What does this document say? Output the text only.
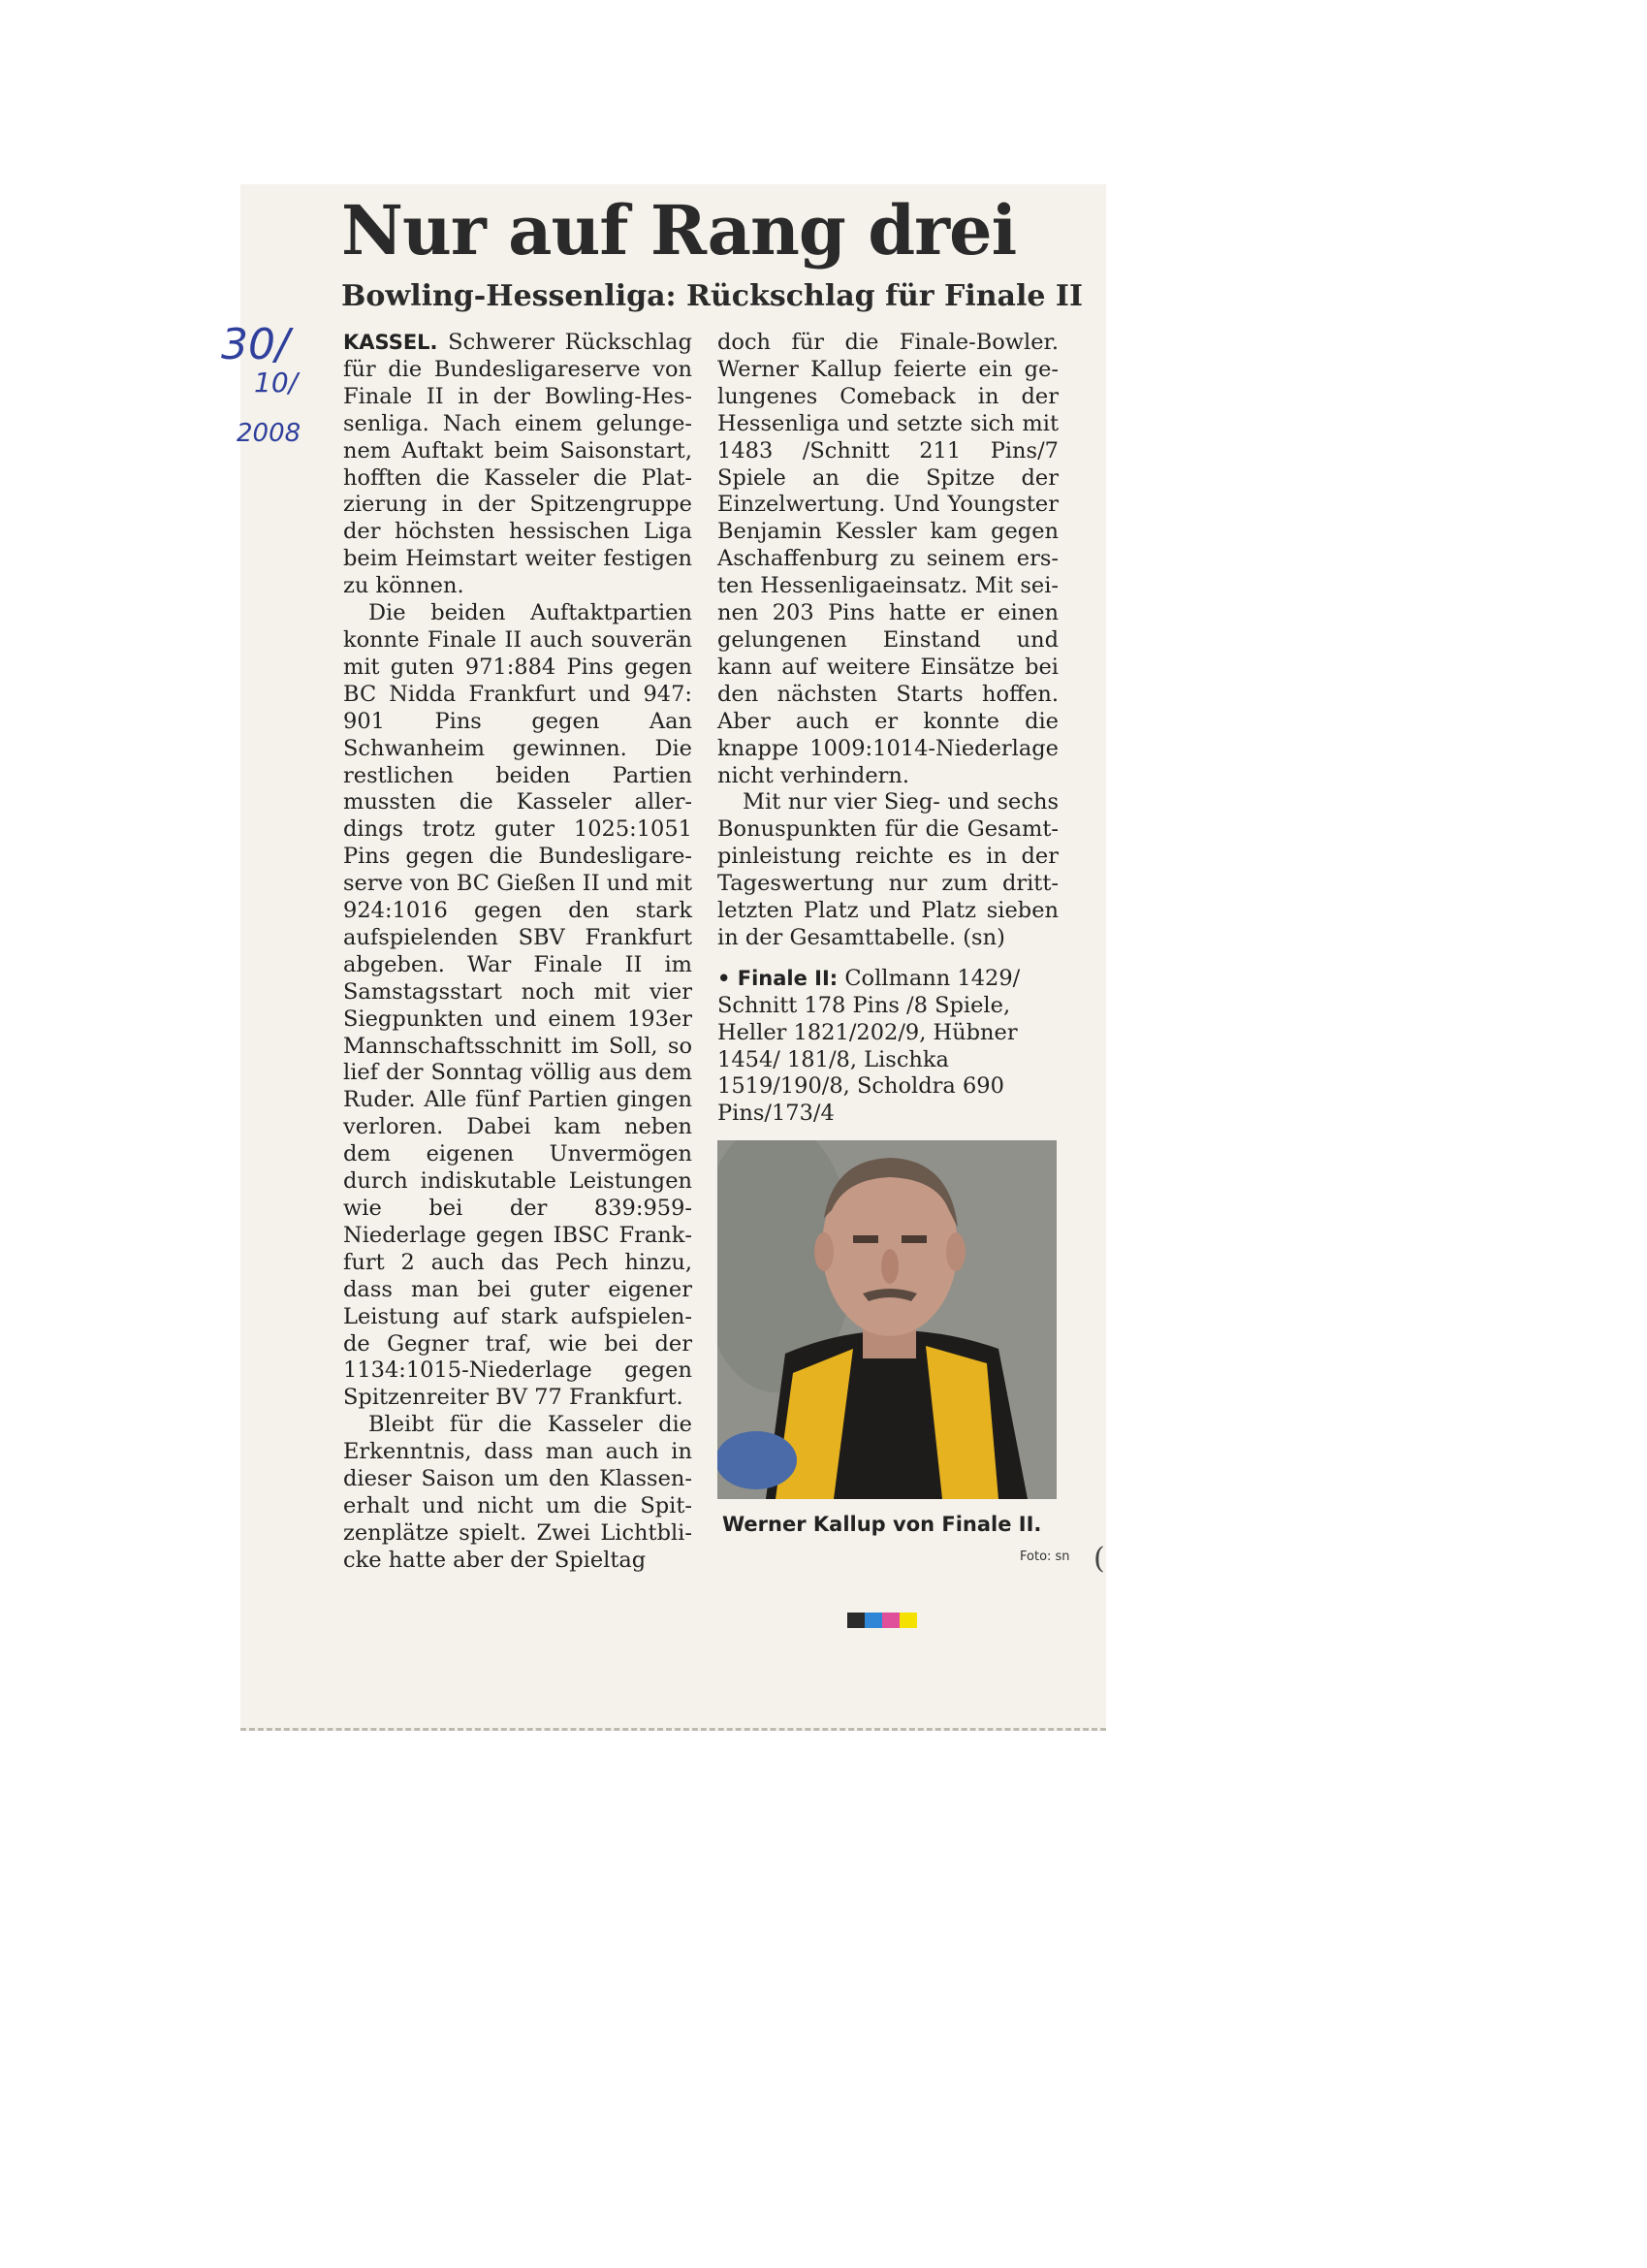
Nur auf Rang drei
Bowling-Hessenliga: Rückschlag für Finale II
30/
10/
2008

KASSEL. Schwerer Rückschlag für die Bundesligareserve von Finale II in der Bowling-Hessenliga. Nach einem gelungenem Auftakt beim Saisonstart, hofften die Kasseler die Platzierung in der Spitzengruppe der höchsten hessischen Liga beim Heimstart weiter festigen zu können.

Die beiden Auftaktpartien konnte Finale II auch souverän mit guten 971:884 Pins gegen BC Nidda Frankfurt und 947: 901 Pins gegen Aan Schwanheim gewinnen. Die restlichen beiden Partien mussten die Kasseler allerdings trotz guter 1025:1051 Pins gegen die Bundesligareserve von BC Gießen II und mit 924:1016 gegen den stark aufspielenden SBV Frankfurt abgeben. War Finale II im Samstagsstart noch mit vier Siegpunkten und einem 193er Mannschaftsschnitt im Soll, so lief der Sonntag völlig aus dem Ruder. Alle fünf Partien gingen verloren. Dabei kam neben dem eigenen Unvermögen durch indiskutable Leistungen wie bei der 839:959-Niederlage gegen IBSC Frankfurt 2 auch das Pech hinzu, dass man bei guter eigener Leistung auf stark aufspielende Gegner traf, wie bei der 1134:1015-Niederlage gegen Spitzenreiter BV 77 Frankfurt.

Bleibt für die Kasseler die Erkenntnis, dass man auch in dieser Saison um den Klassenerhalt und nicht um die Spitzenplätze spielt. Zwei Lichtblicke hatte aber der Spieltag

doch für die Finale-Bowler. Werner Kallup feierte ein gelungenes Comeback in der Hessenliga und setzte sich mit 1483 /Schnitt 211 Pins/7 Spiele an die Spitze der Einzelwertung. Und Youngster Benjamin Kessler kam gegen Aschaffenburg zu seinem ersten Hessenligaeinsatz. Mit seinen 203 Pins hatte er einen gelungenen Einstand und kann auf weitere Einsätze bei den nächsten Starts hoffen. Aber auch er konnte die knappe 1009:1014-Niederlage nicht verhindern.

Mit nur vier Sieg- und sechs Bonuspunkten für die Gesamtpinleistung reichte es in der Tageswertung nur zum drittletzten Platz und Platz sieben in der Gesamttabelle. (sn)

• Finale II: Collmann 1429/ Schnitt 178 Pins /8 Spiele, Heller 1821/202/9, Hübner 1454/ 181/8, Lischka 1519/190/8, Scholdra 690 Pins/173/4

Werner Kallup von Finale II.

Foto: sn (
